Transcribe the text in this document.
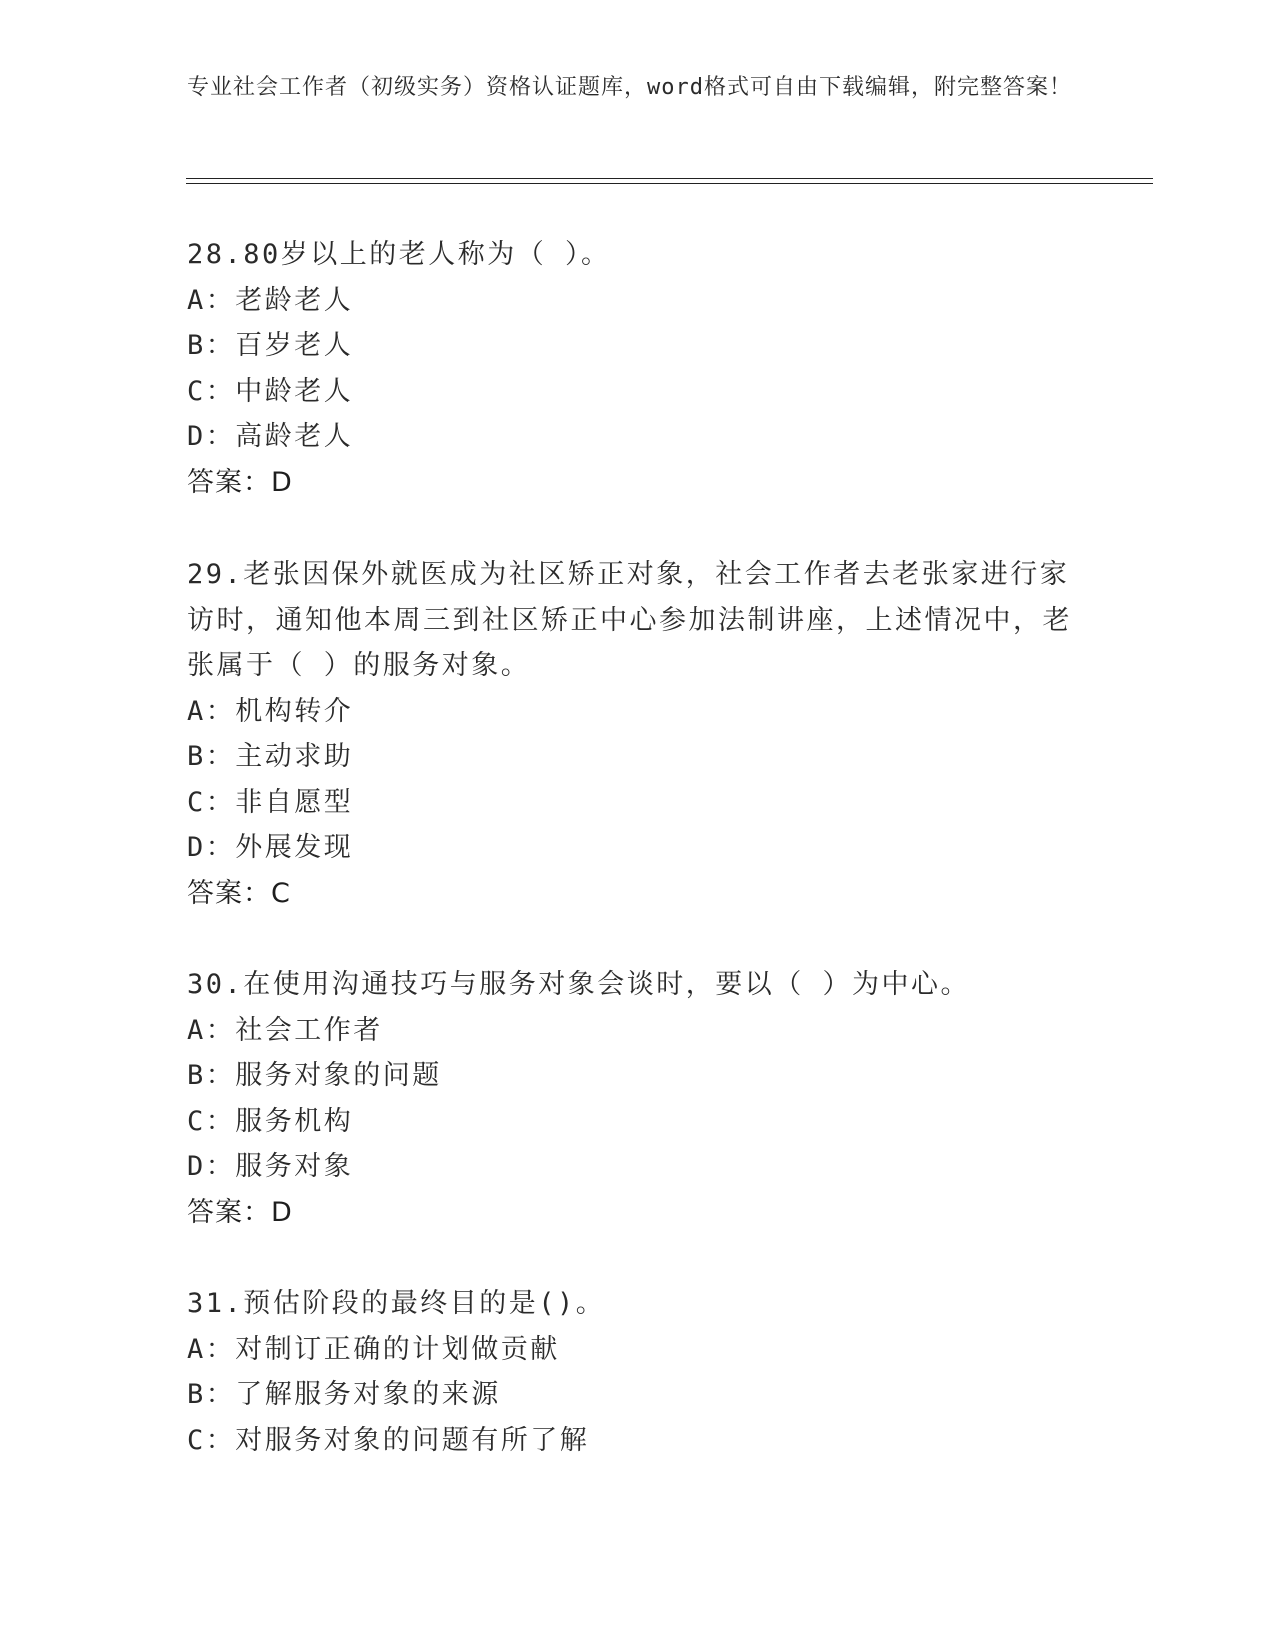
专业社会工作者（初级实务）资格认证题库，word格式可自由下载编辑，附完整答案！
28.80岁以上的老人称为（ ）。
A：老龄老人
B：百岁老人
C：中龄老人
D：高龄老人
答案：D
29.老张因保外就医成为社区矫正对象，社会工作者去老张家进行家访时，通知他本周三到社区矫正中心参加法制讲座，上述情况中，老张属于（ ）的服务对象。
A：机构转介
B：主动求助
C：非自愿型
D：外展发现
答案：C
30.在使用沟通技巧与服务对象会谈时，要以（ ）为中心。
A：社会工作者
B：服务对象的问题
C：服务机构
D：服务对象
答案：D
31.预估阶段的最终目的是()。
A：对制订正确的计划做贡献
B：了解服务对象的来源
C：对服务对象的问题有所了解
